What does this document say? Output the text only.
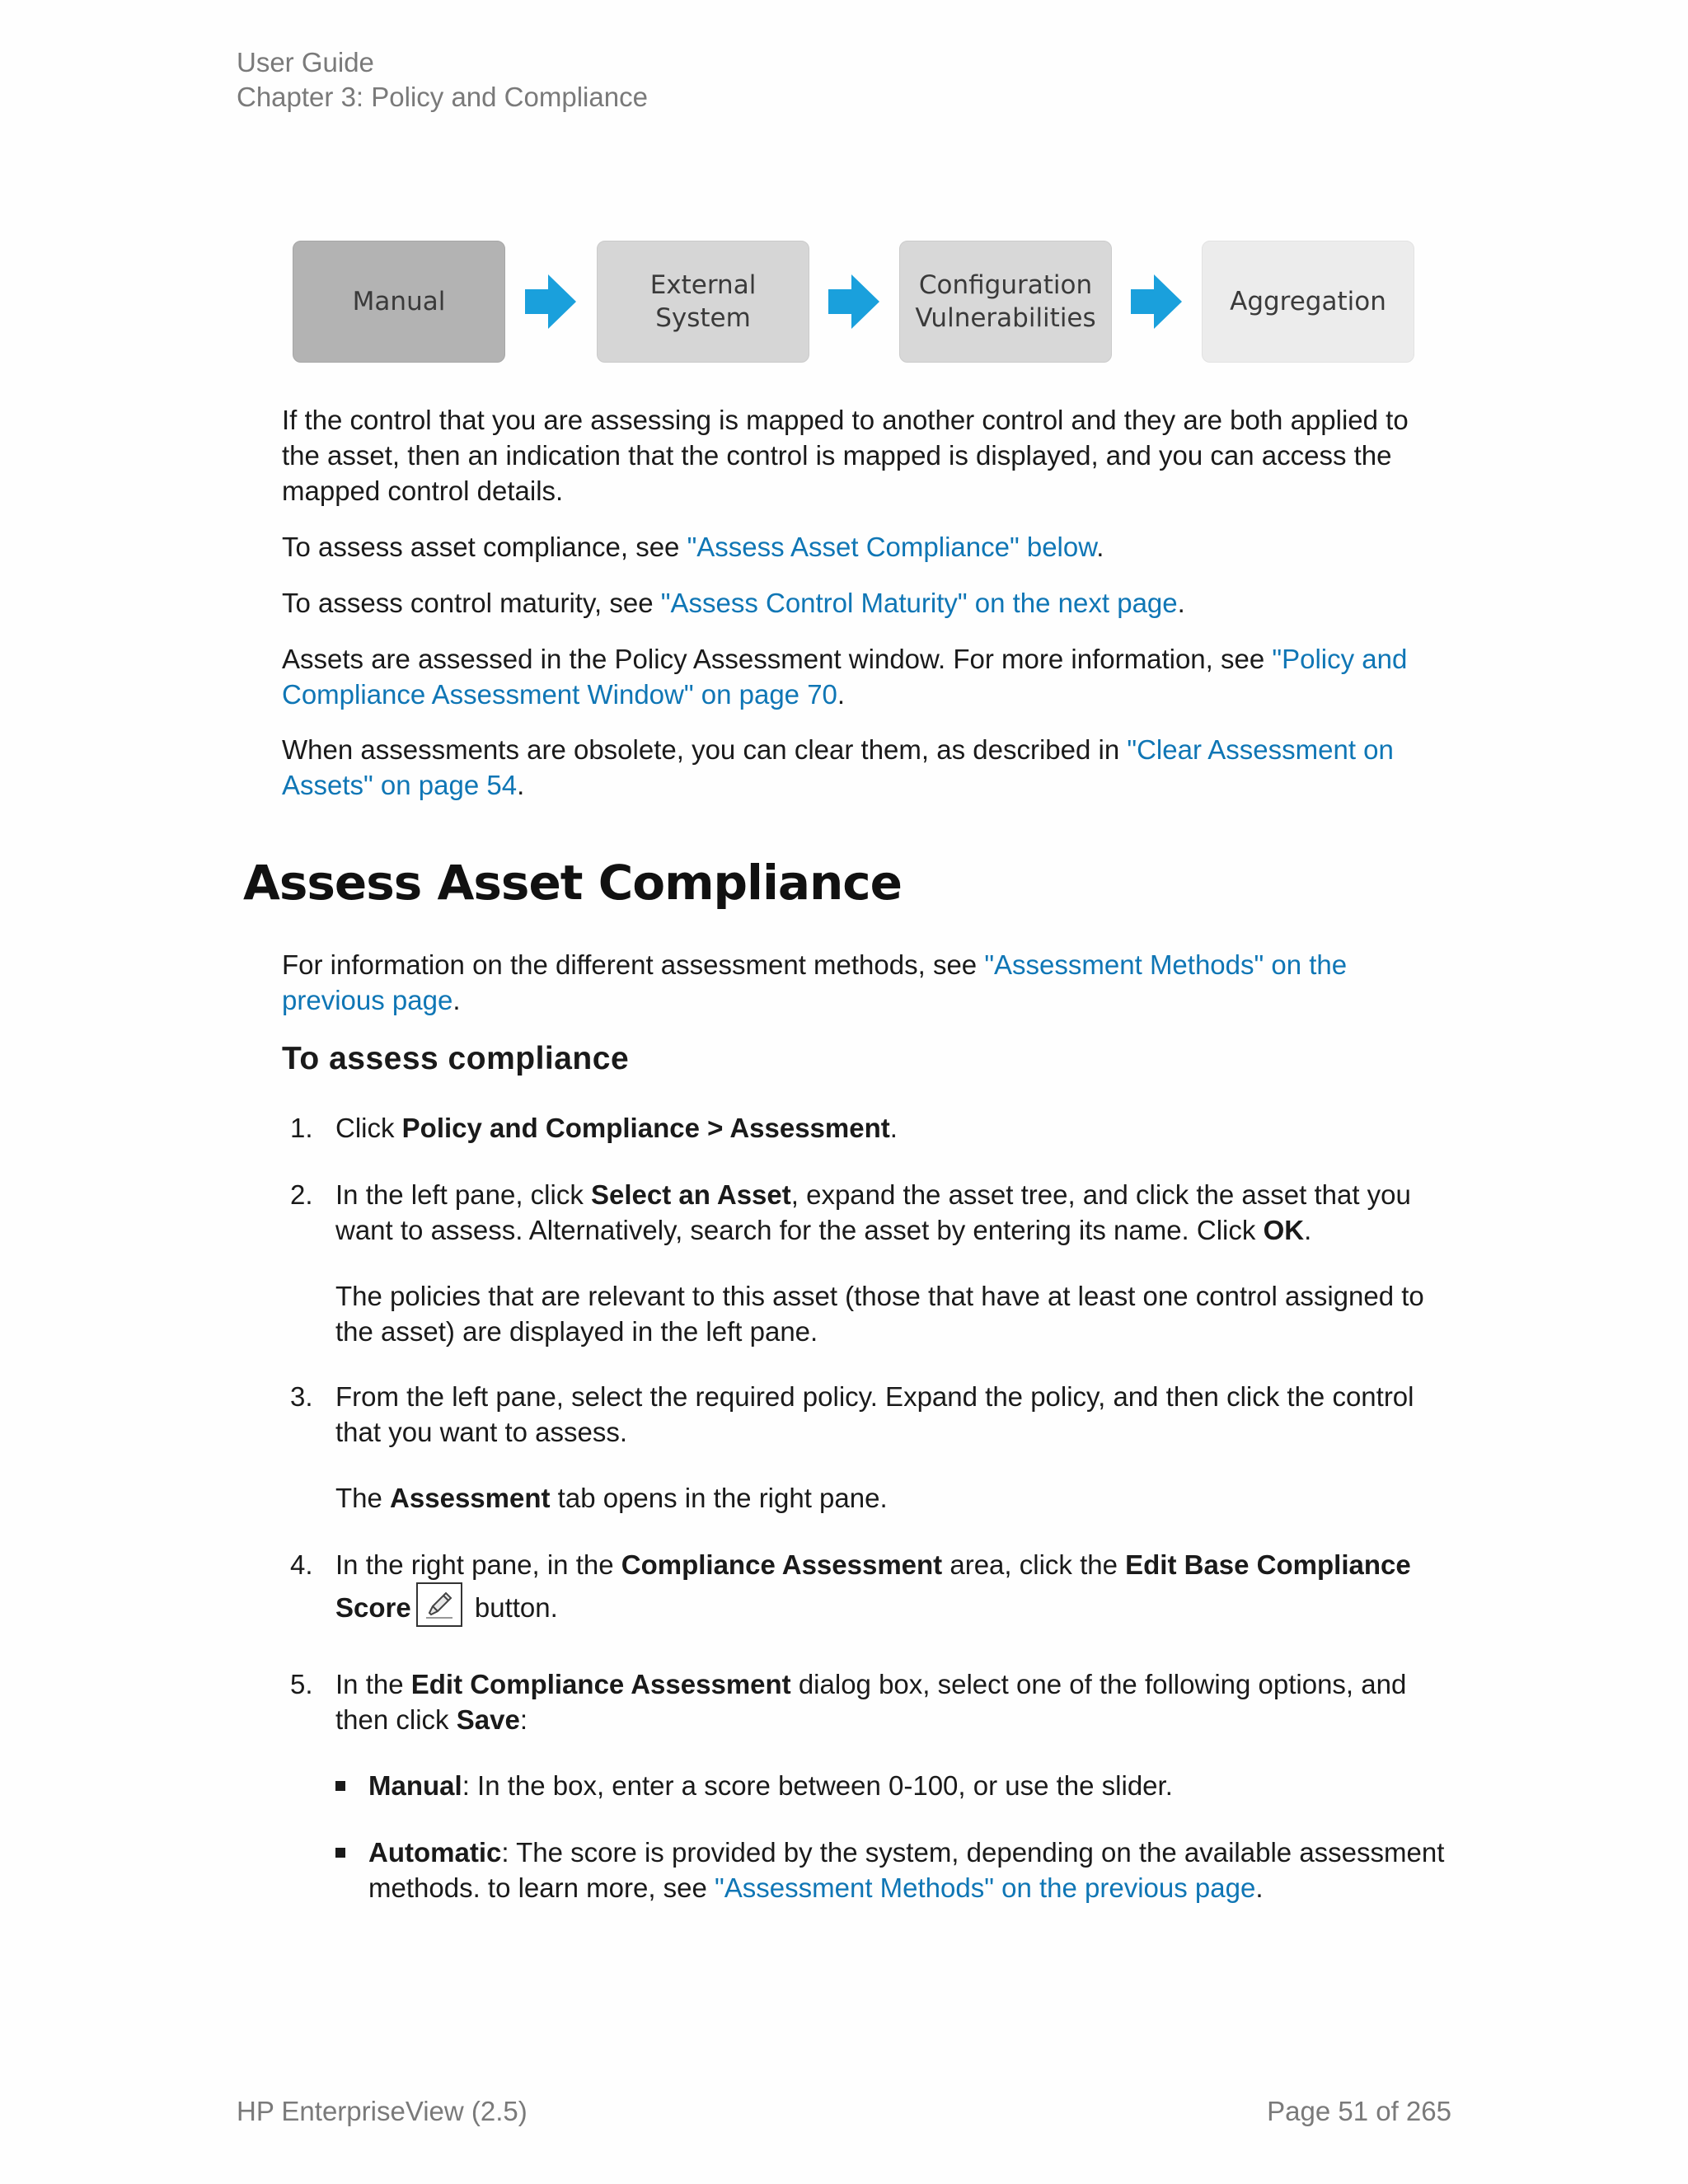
User Guide
Chapter 3: Policy and Compliance
Manual
External
System
Configuration
Vulnerabilities
Aggregation

If the control that you are assessing is mapped to another control and they are both applied to the asset, then an indication that the control is mapped is displayed, and you can access the mapped control details.

To assess asset compliance, see "Assess Asset Compliance" below.

To assess control maturity, see "Assess Control Maturity" on the next page.

Assets are assessed in the Policy Assessment window. For more information, see "Policy and Compliance Assessment Window" on page 70.

When assessments are obsolete, you can clear them, as described in "Clear Assessment on Assets" on page 54.

Assess Asset Compliance

For information on the different assessment methods, see "Assessment Methods" on the previous page.

To assess compliance
1. Click Policy and Compliance > Assessment.

2. In the left pane, click Select an Asset, expand the asset tree, and click the asset that you want to assess. Alternatively, search for the asset by entering its name. Click OK.

The policies that are relevant to this asset (those that have at least one control assigned to the asset) are displayed in the left pane.

3. From the left pane, select the required policy. Expand the policy, and then click the control that you want to assess.

The Assessment tab opens in the right pane.

4. In the right pane, in the Compliance Assessment area, click the Edit Base Compliance

Score
button.

5. In the Edit Compliance Assessment dialog box, select one of the following options, and then click Save:

Manual: In the box, enter a score between 0-100, or use the slider.

Automatic: The score is provided by the system, depending on the available assessment methods. to learn more, see "Assessment Methods" on the previous page.

HP EnterpriseView (2.5)	Page 51 of 265
